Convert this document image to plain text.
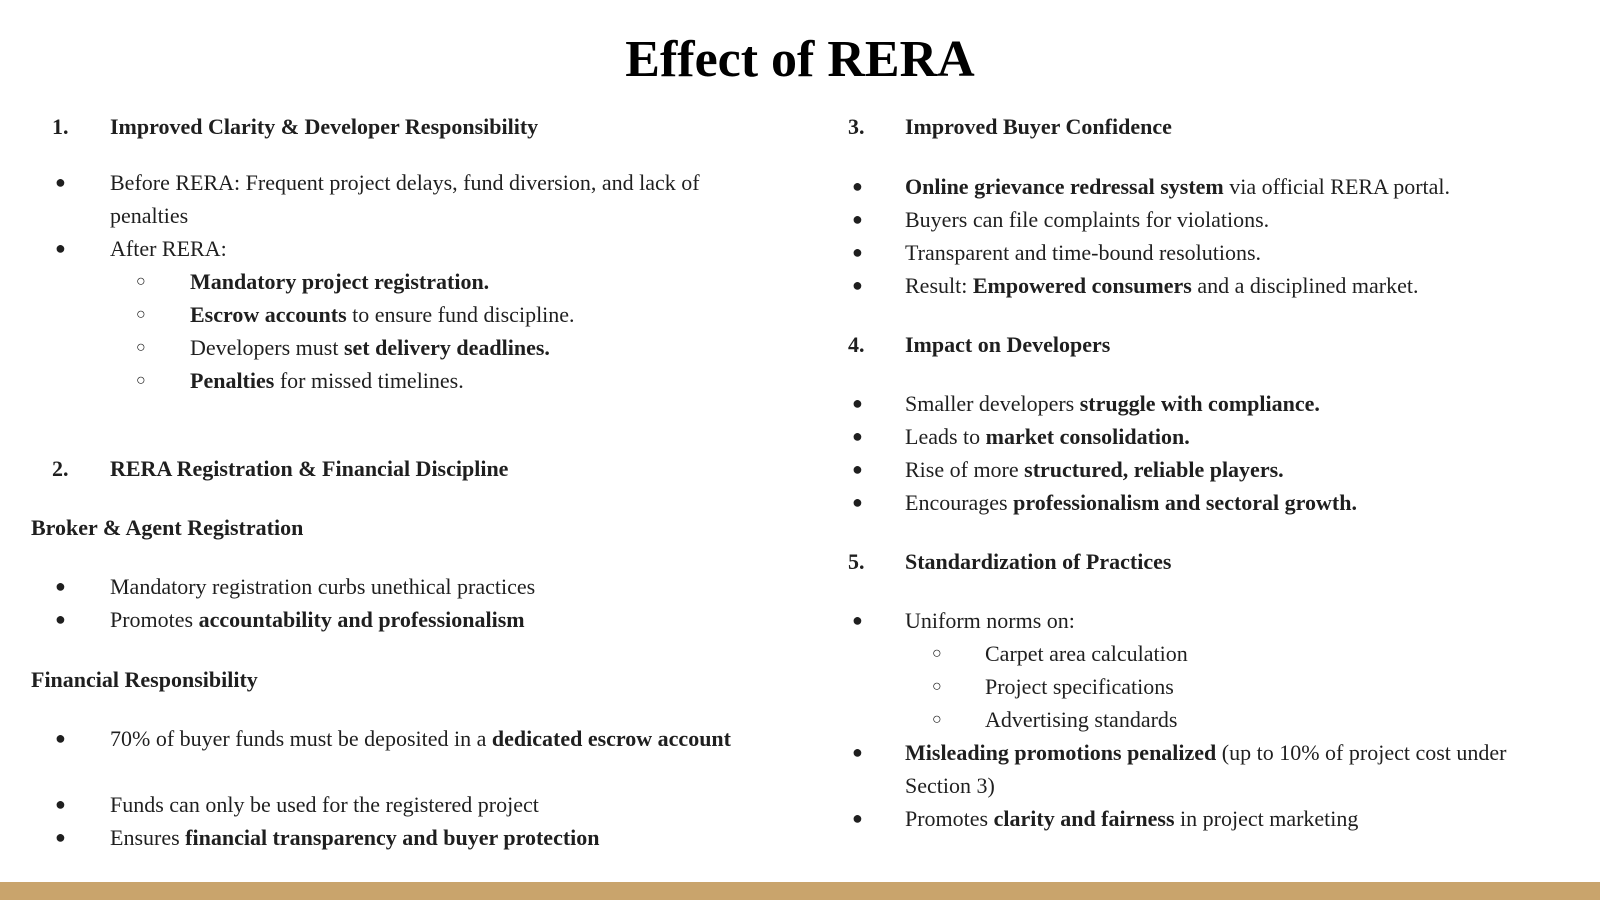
Effect of RERA
1.	Improved Clarity & Developer Responsibility
● Before RERA: Frequent project delays, fund diversion, and lack of penalties
● After RERA:
○ Mandatory project registration.
○ Escrow accounts to ensure fund discipline.
○ Developers must set delivery deadlines.
○ Penalties for missed timelines.
2.	RERA Registration & Financial Discipline
Broker & Agent Registration
● Mandatory registration curbs unethical practices
● Promotes accountability and professionalism
Financial Responsibility
● 70% of buyer funds must be deposited in a dedicated escrow account
● Funds can only be used for the registered project
● Ensures financial transparency and buyer protection
3.	Improved Buyer Confidence
● Online grievance redressal system via official RERA portal.
● Buyers can file complaints for violations.
● Transparent and time-bound resolutions.
● Result: Empowered consumers and a disciplined market.
4.	Impact on Developers
● Smaller developers struggle with compliance.
● Leads to market consolidation.
● Rise of more structured, reliable players.
● Encourages professionalism and sectoral growth.
5.	Standardization of Practices
● Uniform norms on:
○ Carpet area calculation
○ Project specifications
○ Advertising standards
● Misleading promotions penalized (up to 10% of project cost under Section 3)
● Promotes clarity and fairness in project marketing
